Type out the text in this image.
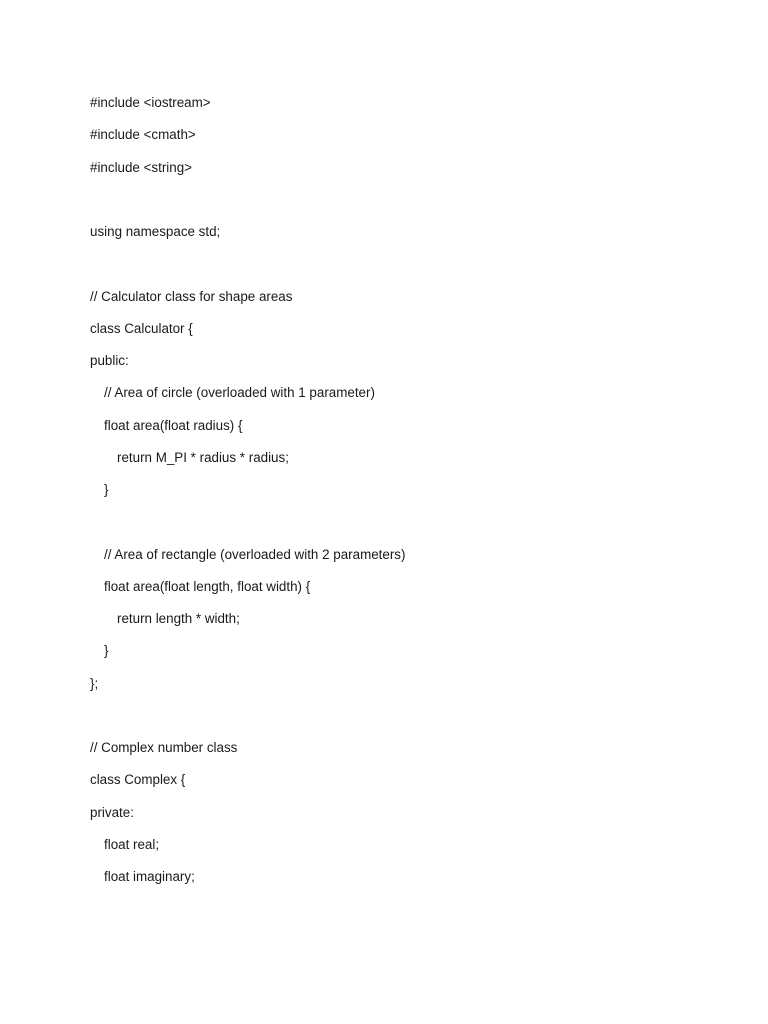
#include <iostream>
#include <cmath>
#include <string>
using namespace std;
// Calculator class for shape areas
class Calculator {
public:
// Area of circle (overloaded with 1 parameter)
float area(float radius) {
return M_PI * radius * radius;
}
// Area of rectangle (overloaded with 2 parameters)
float area(float length, float width) {
return length * width;
}
};
// Complex number class
class Complex {
private:
float real;
float imaginary;
